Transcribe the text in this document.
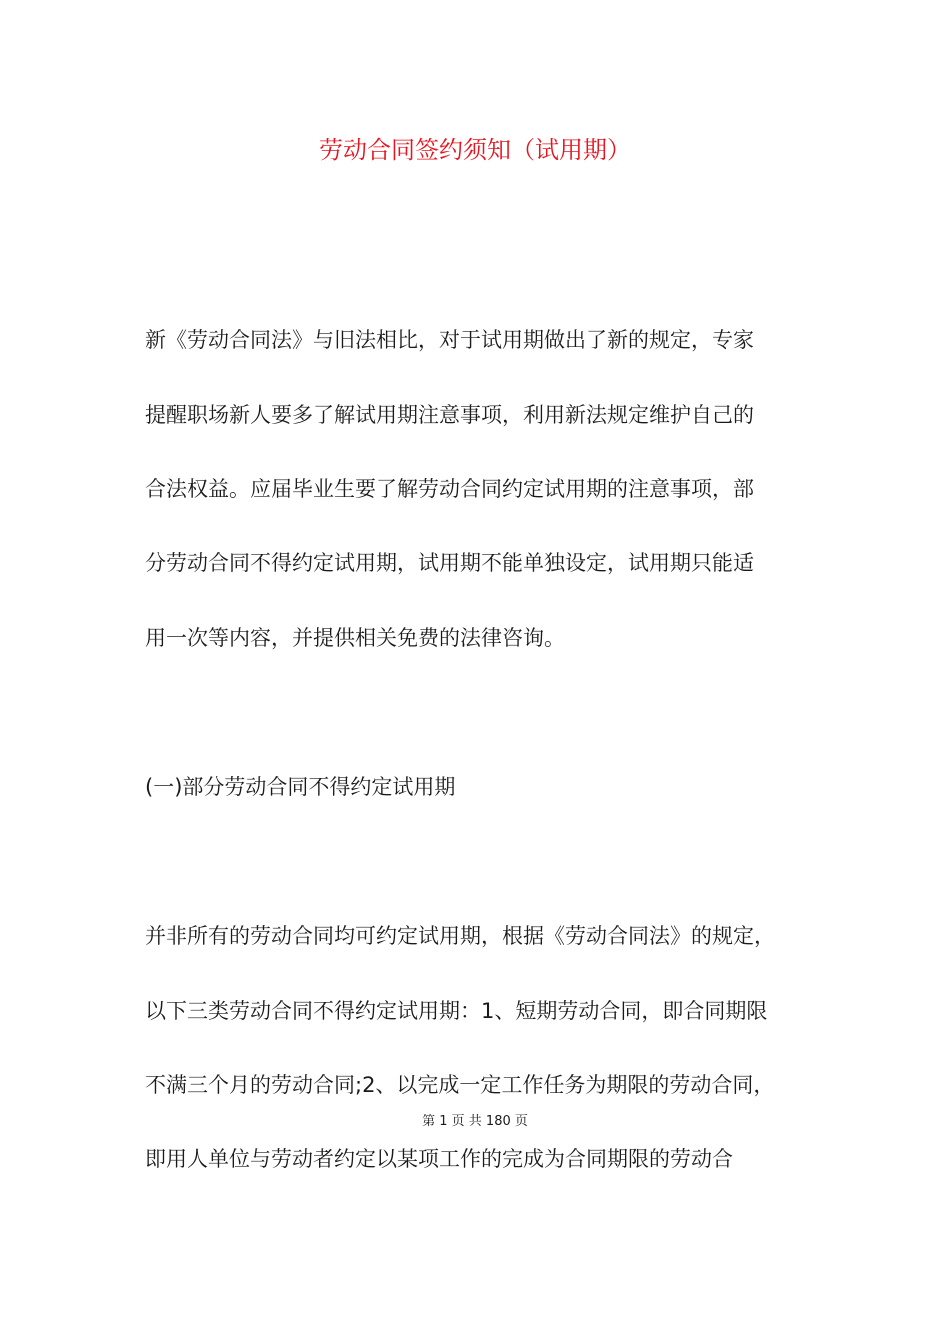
劳动合同签约须知（试用期）

新《劳动合同法》与旧法相比，对于试用期做出了新的规定，专家

提醒职场新人要多了解试用期注意事项，利用新法规定维护自己的

合法权益。应届毕业生要了解劳动合同约定试用期的注意事项，部

分劳动合同不得约定试用期，试用期不能单独设定，试用期只能适

用一次等内容，并提供相关免费的法律咨询。

(一)部分劳动合同不得约定试用期

并非所有的劳动合同均可约定试用期，根据《劳动合同法》的规定，

以下三类劳动合同不得约定试用期：1、短期劳动合同，即合同期限

不满三个月的劳动合同;2、以完成一定工作任务为期限的劳动合同，

第 1 页 共 180 页

即用人单位与劳动者约定以某项工作的完成为合同期限的劳动合
